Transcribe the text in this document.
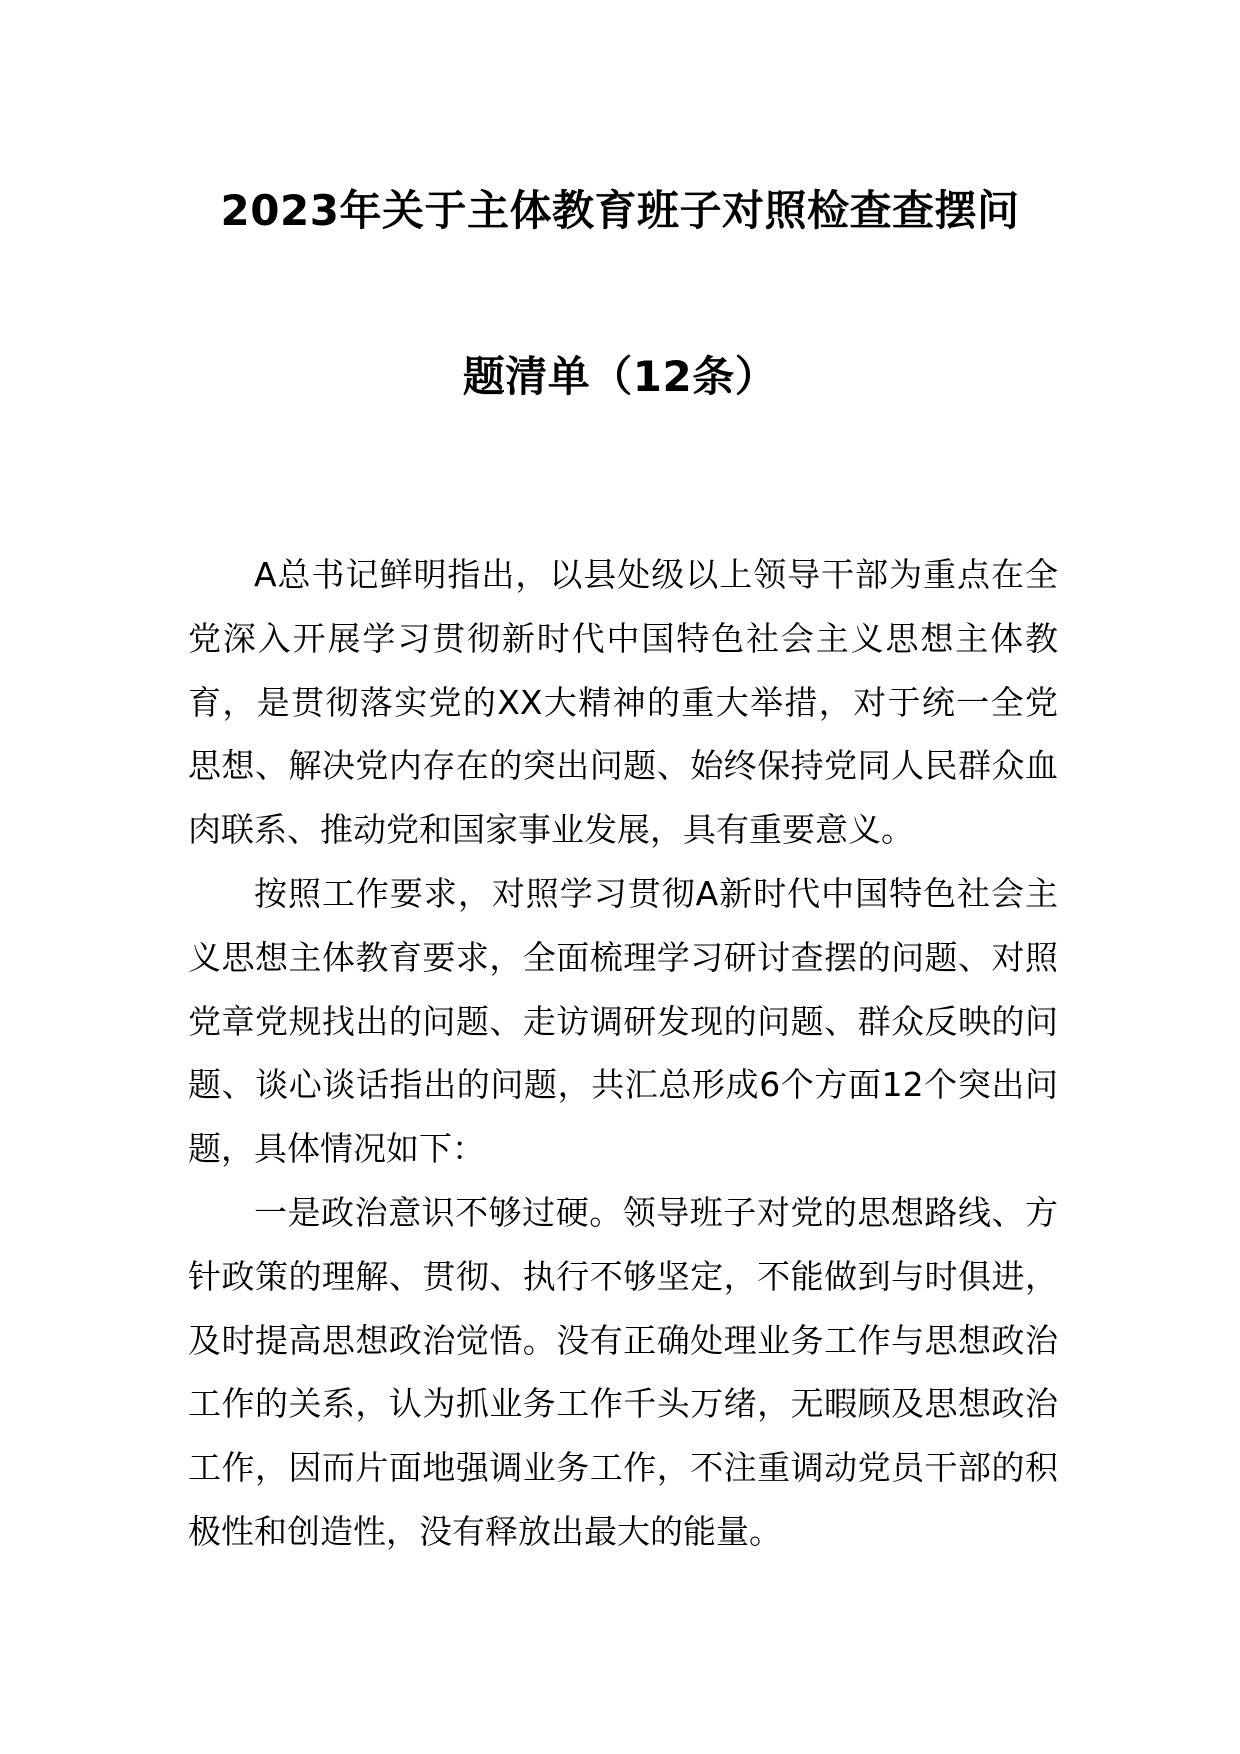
2023年关于主体教育班子对照检查查摆问
题清单（12条）

A总书记鲜明指出，以县处级以上领导干部为重点在全党深入开展学习贯彻新时代中国特色社会主义思想主体教育，是贯彻落实党的XX大精神的重大举措，对于统一全党思想、解决党内存在的突出问题、始终保持党同人民群众血肉联系、推动党和国家事业发展，具有重要意义。

按照工作要求，对照学习贯彻A新时代中国特色社会主义思想主体教育要求，全面梳理学习研讨查摆的问题、对照党章党规找出的问题、走访调研发现的问题、群众反映的问题、谈心谈话指出的问题，共汇总形成6个方面12个突出问题，具体情况如下：

一是政治意识不够过硬。领导班子对党的思想路线、方针政策的理解、贯彻、执行不够坚定，不能做到与时俱进，及时提高思想政治觉悟。没有正确处理业务工作与思想政治工作的关系，认为抓业务工作千头万绪，无暇顾及思想政治工作，因而片面地强调业务工作，不注重调动党员干部的积极性和创造性，没有释放出最大的能量。
